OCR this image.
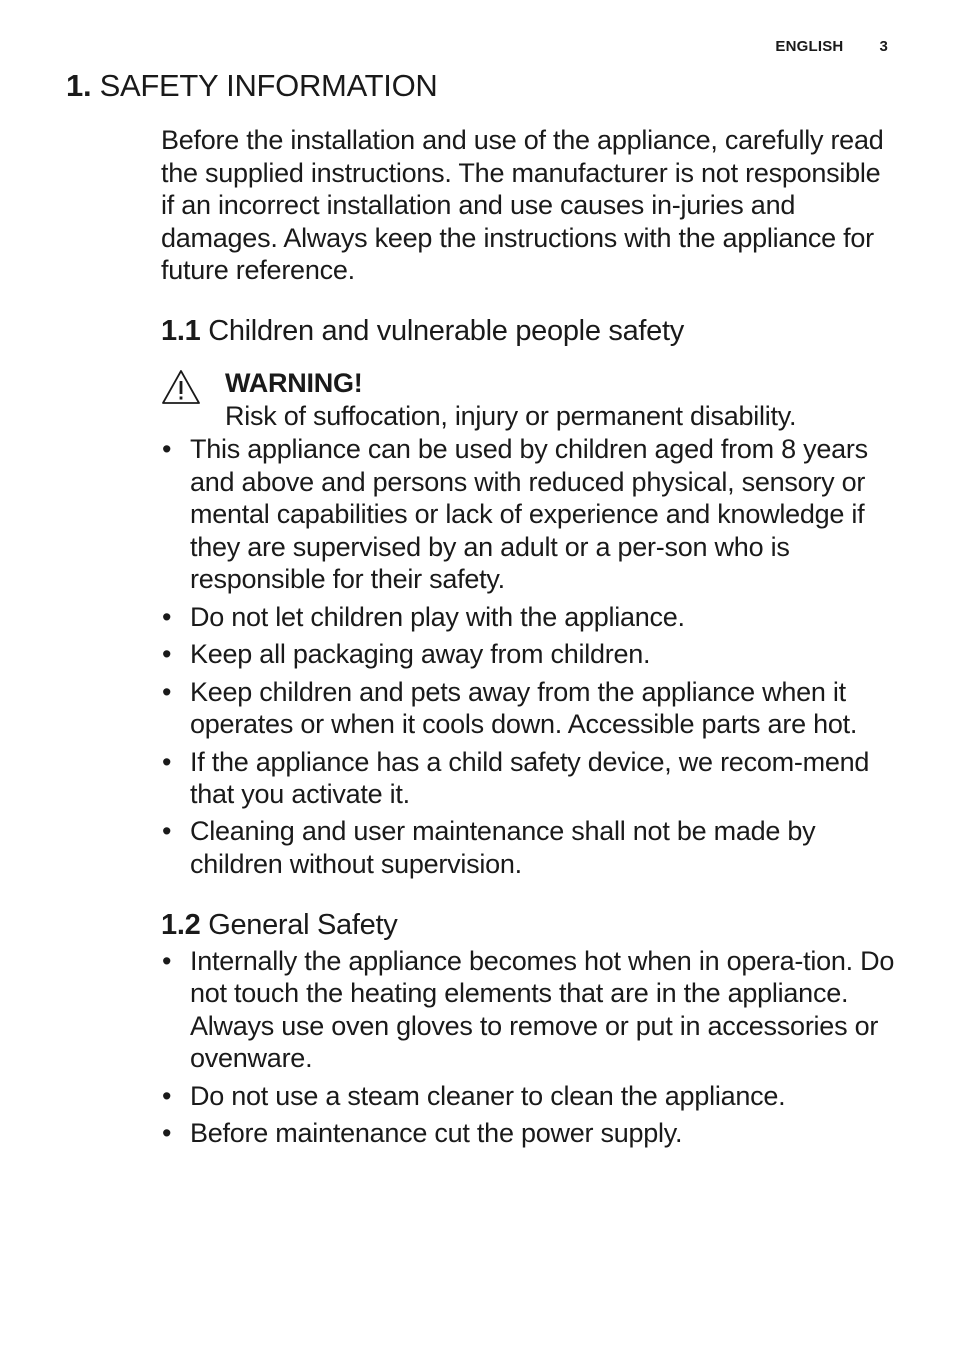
ENGLISH 3
1. SAFETY INFORMATION

Before the installation and use of the appliance, carefully read the supplied instructions. The manufacturer is not responsible if an incorrect installation and use causes in-juries and damages. Always keep the instructions with the appliance for future reference.

1.1 Children and vulnerable people safety
WARNING!
Risk of suffocation, injury or permanent disability.
• This appliance can be used by children aged from 8 years and above and persons with reduced physical, sensory or mental capabilities or lack of experience and knowledge if they are supervised by an adult or a per-son who is responsible for their safety.
• Do not let children play with the appliance.
• Keep all packaging away from children.
• Keep children and pets away from the appliance when it operates or when it cools down. Accessible parts are hot.
• If the appliance has a child safety device, we recom-mend that you activate it.
• Cleaning and user maintenance shall not be made by children without supervision.
1.2 General Safety
• Internally the appliance becomes hot when in opera-tion. Do not touch the heating elements that are in the appliance. Always use oven gloves to remove or put in accessories or ovenware.
• Do not use a steam cleaner to clean the appliance.
• Before maintenance cut the power supply.
